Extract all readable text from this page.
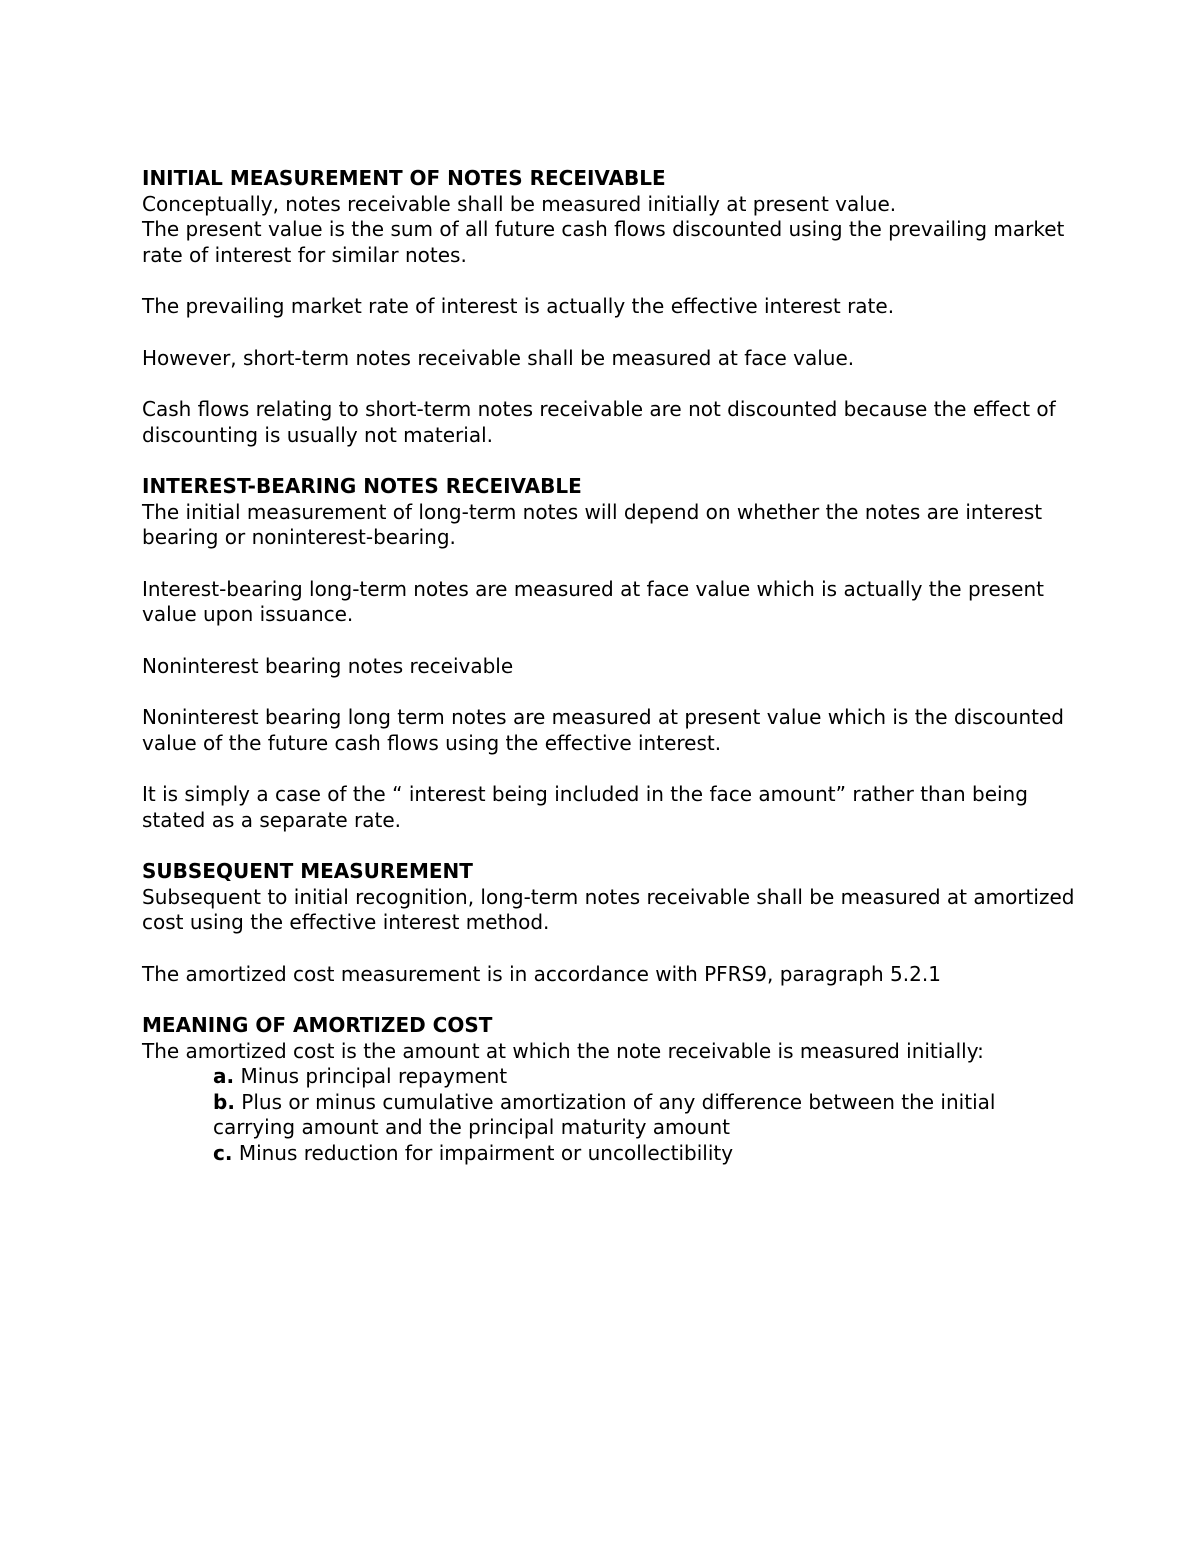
INITIAL MEASUREMENT OF NOTES RECEIVABLE

Conceptually, notes receivable shall be measured initially at present value.

The present value is the sum of all future cash flows discounted using the prevailing market rate of interest for similar notes.

The prevailing market rate of interest is actually the effective interest rate.

However, short-term notes receivable shall be measured at face value.

Cash flows relating to short-term notes receivable are not discounted because the effect of discounting is usually not material.

INTEREST-BEARING NOTES RECEIVABLE

The initial measurement of long-term notes will depend on whether the notes are interest bearing or noninterest-bearing.

Interest-bearing long-term notes are measured at face value which is actually the present value upon issuance.

Noninterest bearing notes receivable

Noninterest bearing long term notes are measured at present value which is the discounted value of the future cash flows using the effective interest.

It is simply a case of the “ interest being included in the face amount” rather than being stated as a separate rate.

SUBSEQUENT MEASUREMENT

Subsequent to initial recognition, long-term notes receivable shall be measured at amortized cost using the effective interest method.

The amortized cost measurement is in accordance with PFRS9, paragraph 5.2.1

MEANING OF AMORTIZED COST

The amortized cost is the amount at which the note receivable is measured initially:

a. Minus principal repayment
b. Plus or minus cumulative amortization of any difference between the initial carrying amount and the principal maturity amount
c. Minus reduction for impairment or uncollectibility
